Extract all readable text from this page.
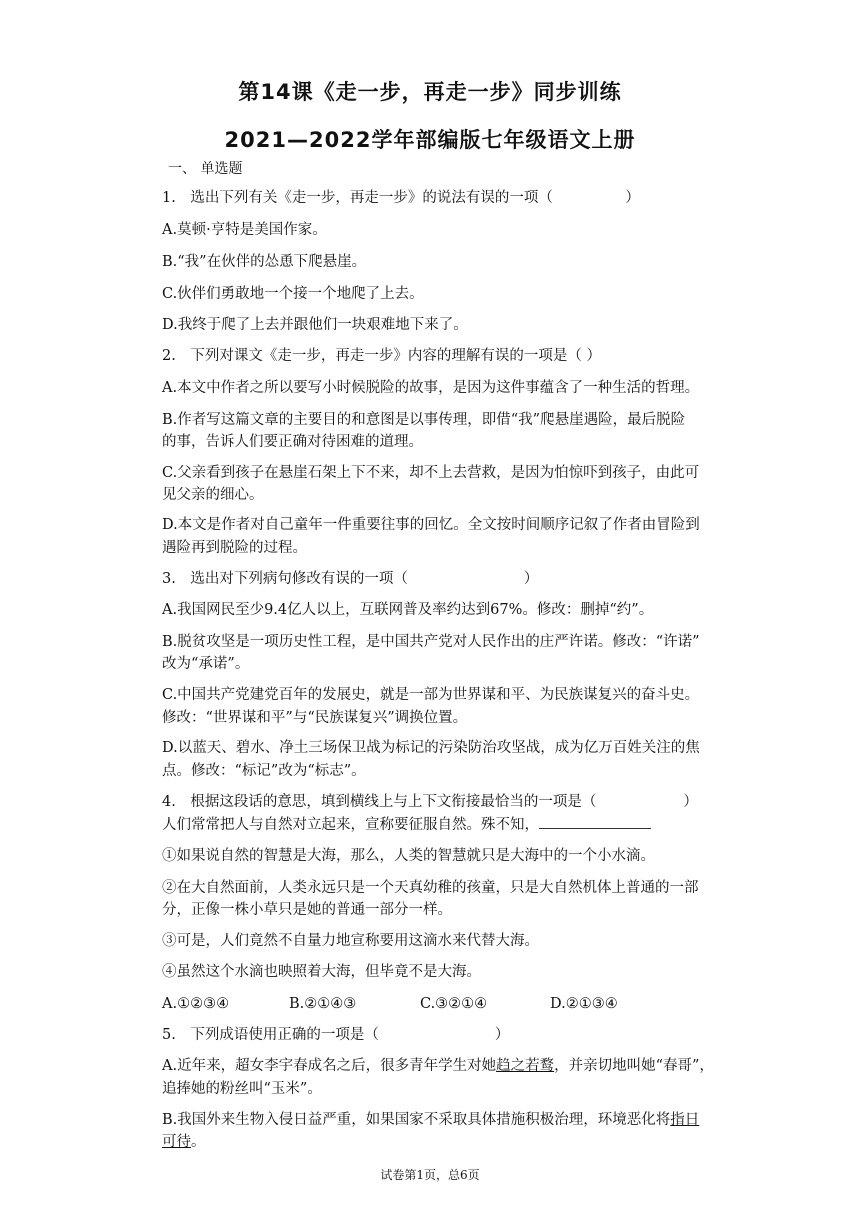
第14课《走一步，再走一步》同步训练
2021—2022学年部编版七年级语文上册
一、 单选题
1.　选出下列有关《走一步，再走一步》的说法有误的一项（　　　　　）
A.莫顿·亨特是美国作家。
B.“我”在伙伴的怂恿下爬悬崖。
C.伙伴们勇敢地一个接一个地爬了上去。
D.我终于爬了上去并跟他们一块艰难地下来了。
2.　下列对课文《走一步，再走一步》内容的理解有误的一项是（ ）
A.本文中作者之所以要写小时候脱险的故事，是因为这件事蕴含了一种生活的哲理。
B.作者写这篇文章的主要目的和意图是以事传理，即借“我”爬悬崖遇险，最后脱险
的事，告诉人们要正确对待困难的道理。
C.父亲看到孩子在悬崖石架上下不来，却不上去营救，是因为怕惊吓到孩子，由此可
见父亲的细心。
D.本文是作者对自己童年一件重要往事的回忆。全文按时间顺序记叙了作者由冒险到
遇险再到脱险的过程。
3.　选出对下列病句修改有误的一项（　　　　　　　　）
A.我国网民至少9.4亿人以上，互联网普及率约达到67%。修改：删掉“约”。
B.脱贫攻坚是一项历史性工程，是中国共产党对人民作出的庄严许诺。修改：“许诺”
改为“承诺”。
C.中国共产党建党百年的发展史，就是一部为世界谋和平、为民族谋复兴的奋斗史。
修改：“世界谋和平”与“民族谋复兴”调换位置。
D.以蓝天、碧水、净土三场保卫战为标记的污染防治攻坚战，成为亿万百姓关注的焦
点。修改：“标记”改为“标志”。
4.　根据这段话的意思，填到横线上与上下文衔接最恰当的一项是（　　　　　　）
人们常常把人与自然对立起来，宣称要征服自然。殊不知，
①如果说自然的智慧是大海，那么，人类的智慧就只是大海中的一个小水滴。
②在大自然面前，人类永远只是一个天真幼稚的孩童，只是大自然机体上普通的一部
分，正像一株小草只是她的普通一部分一样。
③可是，人们竟然不自量力地宣称要用这滴水来代替大海。
④虽然这个水滴也映照着大海，但毕竟不是大海。
A.①②③④	B.②①④③	C.③②①④	D.②①③④
5.　下列成语使用正确的一项是（　　　　　　　　）
A.近年来，超女李宇春成名之后，很多青年学生对她趋之若鹜，并亲切地叫她“春哥”，
追捧她的粉丝叫“玉米”。
B.我国外来生物入侵日益严重，如果国家不采取具体措施积极治理，环境恶化将指日
可待。
试卷第1页，总6页
